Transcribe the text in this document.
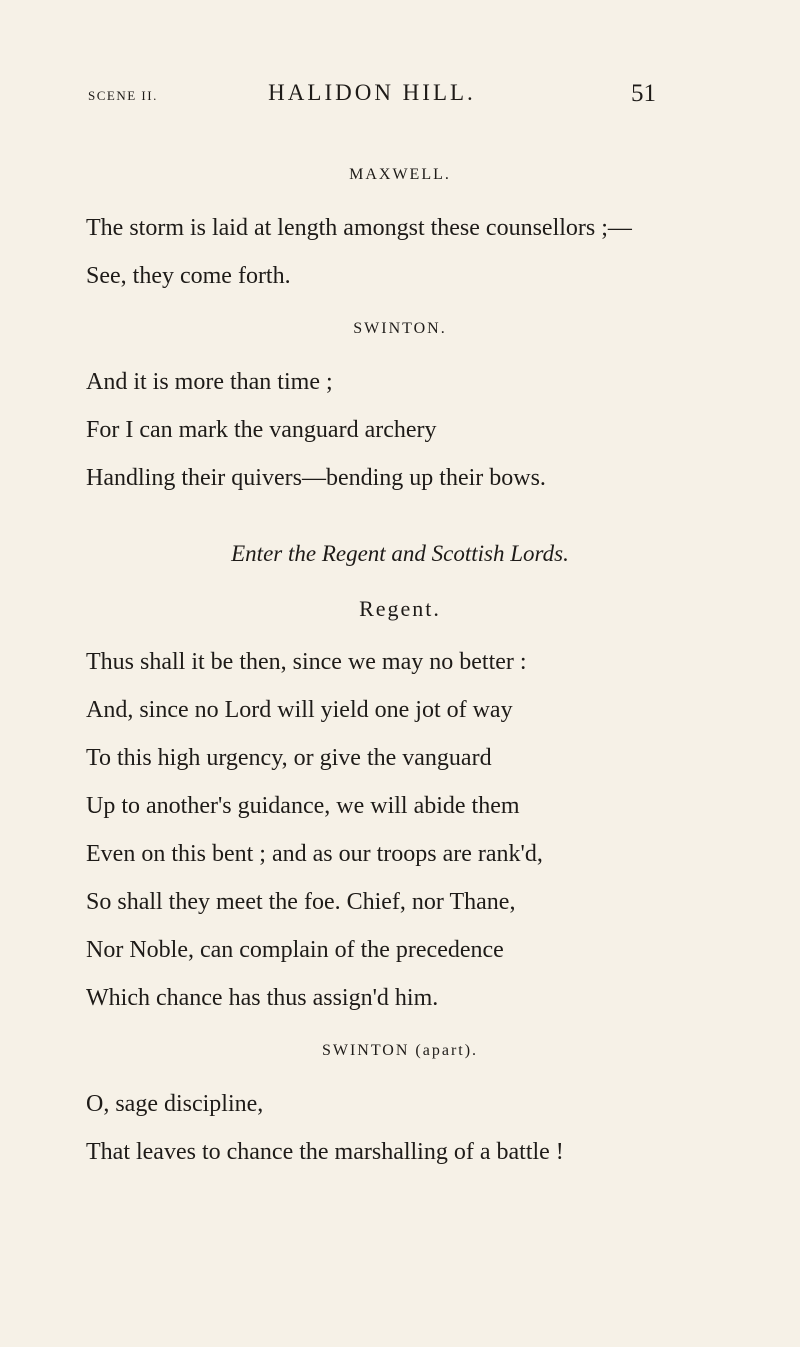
SCENE II.	HALIDON HILL.	51
MAXWELL.
The storm is laid at length amongst these counsellors ;—
See, they come forth.
SWINTON.
And it is more than time ;
For I can mark the vanguard archery
Handling their quivers—bending up their bows.
Enter the Regent and Scottish Lords.
Regent.
Thus shall it be then, since we may no better :
And, since no Lord will yield one jot of way
To this high urgency, or give the vanguard
Up to another's guidance, we will abide them
Even on this bent ; and as our troops are rank'd,
So shall they meet the foe. Chief, nor Thane,
Nor Noble, can complain of the precedence
Which chance has thus assign'd him.
SWINTON (apart).
O, sage discipline,
That leaves to chance the marshalling of a battle !
